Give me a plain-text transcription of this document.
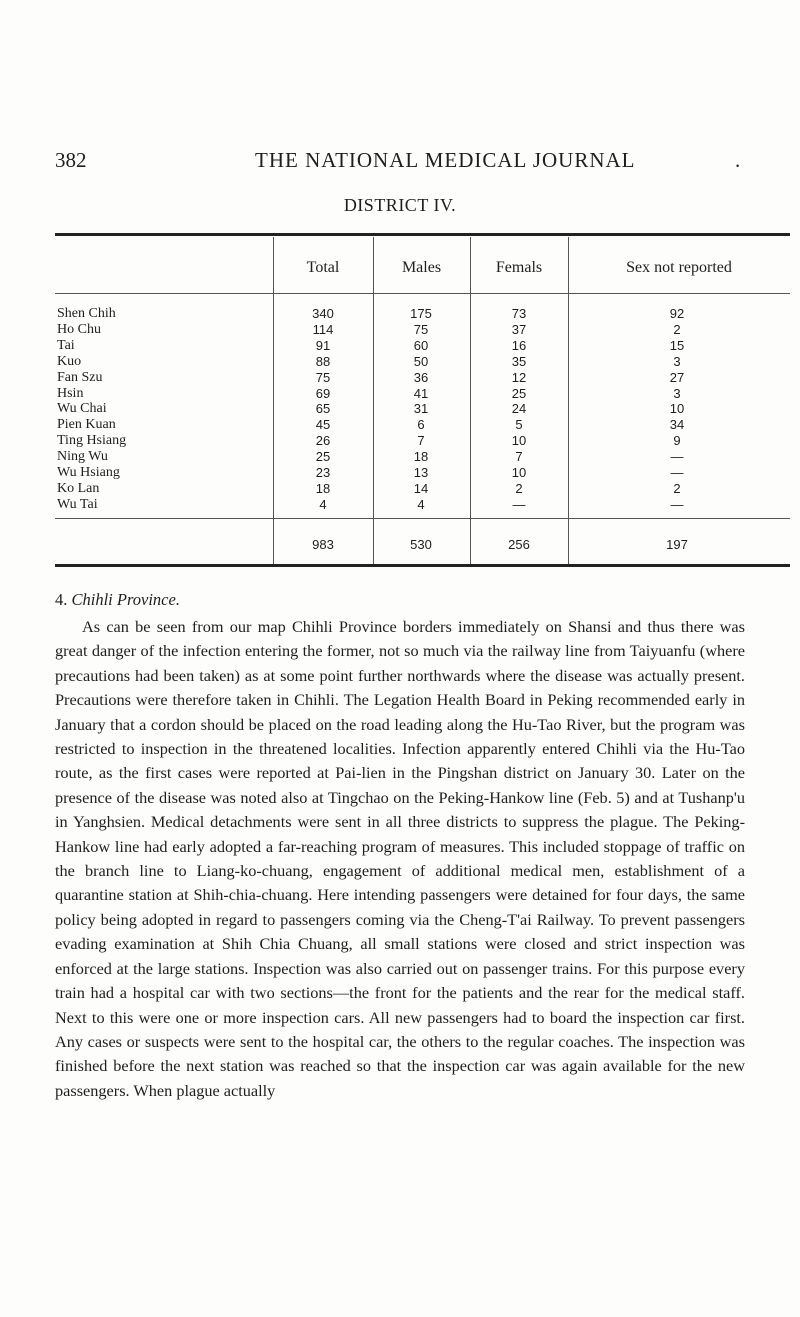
382	THE NATIONAL MEDICAL JOURNAL	.
DISTRICT IV.
Total	Males	Femals	Sex not reported
Shen Chih	340	175	73	92
Ho Chu	114	75	37	2
Tai	91	60	16	15
Kuo	88	50	35	3
Fan Szu	75	36	12	27
Hsin	69	41	25	3
Wu Chai	65	31	24	10
Pien Kuan	45	6	5	34
Ting Hsiang	26	7	10	9
Ning Wu	25	18	7	—
Wu Hsiang	23	13	10	—
Ko Lan	18	14	2	2
Wu Tai	4	4	—	—
983	530	256	197
4. Chihli Province.
As can be seen from our map Chihli Province borders immediately on Shansi and thus there was great danger of the infection entering the former, not so much via the railway line from Taiyuanfu (where precautions had been taken) as at some point further northwards where the disease was actually present. Precautions were therefore taken in Chihli. The Legation Health Board in Peking recommended early in January that a cordon should be placed on the road leading along the Hu-Tao River, but the program was restricted to inspection in the threatened localities. Infection apparently entered Chihli via the Hu-Tao route, as the first cases were reported at Pai-lien in the Pingshan district on January 30. Later on the presence of the disease was noted also at Tingchao on the Peking-Hankow line (Feb. 5) and at Tushanp'u in Yanghsien. Medical detachments were sent in all three districts to suppress the plague. The Peking-Hankow line had early adopted a far-reaching program of measures. This included stoppage of traffic on the branch line to Liang-ko-chuang, engagement of additional medical men, establishment of a quarantine station at Shih-chia-chuang. Here intending passengers were detained for four days, the same policy being adopted in regard to passengers coming via the Cheng-T'ai Railway. To prevent passengers evading examination at Shih Chia Chuang, all small stations were closed and strict inspection was enforced at the large stations. Inspection was also carried out on passenger trains. For this purpose every train had a hospital car with two sections—the front for the patients and the rear for the medical staff. Next to this were one or more inspection cars. All new passengers had to board the inspection car first. Any cases or suspects were sent to the hospital car, the others to the regular coaches. The inspection was finished before the next station was reached so that the inspection car was again available for the new passengers. When plague actually
